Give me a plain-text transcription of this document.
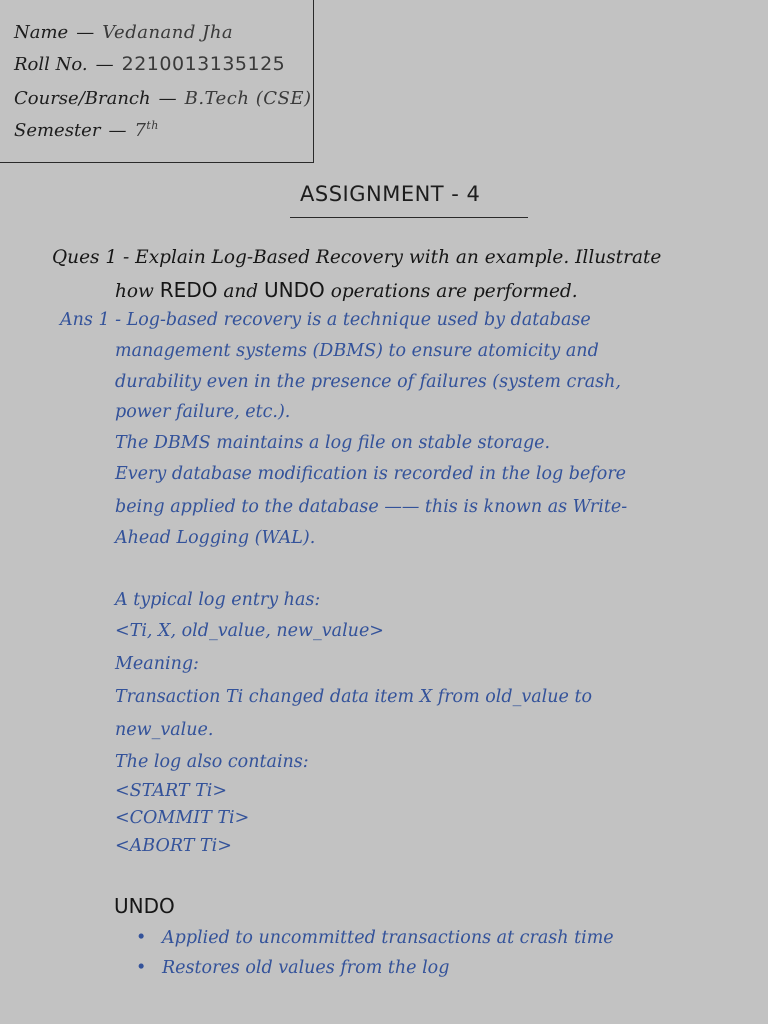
Name — Vedanand Jha
Roll No. — 2210013135125
Course/Branch — B.Tech (CSE)
Semester — 7th
ASSIGNMENT - 4
Ques 1 - Explain Log-Based Recovery with an example. Illustrate
how REDO and UNDO operations are performed.
Ans 1 - Log-based recovery is a technique used by database
management systems (DBMS) to ensure atomicity and
durability even in the presence of failures (system crash,
power failure, etc.).
The DBMS maintains a log file on stable storage.
Every database modification is recorded in the log before
being applied to the database —— this is known as Write-
Ahead Logging (WAL).
A typical log entry has:
<Ti, X, old_value, new_value>
Meaning:
Transaction Ti changed data item X from old_value to
new_value.
The log also contains:
<START Ti>
<COMMIT Ti>
<ABORT Ti>
UNDO
• Applied to uncommitted transactions at crash time
• Restores old values from the log
